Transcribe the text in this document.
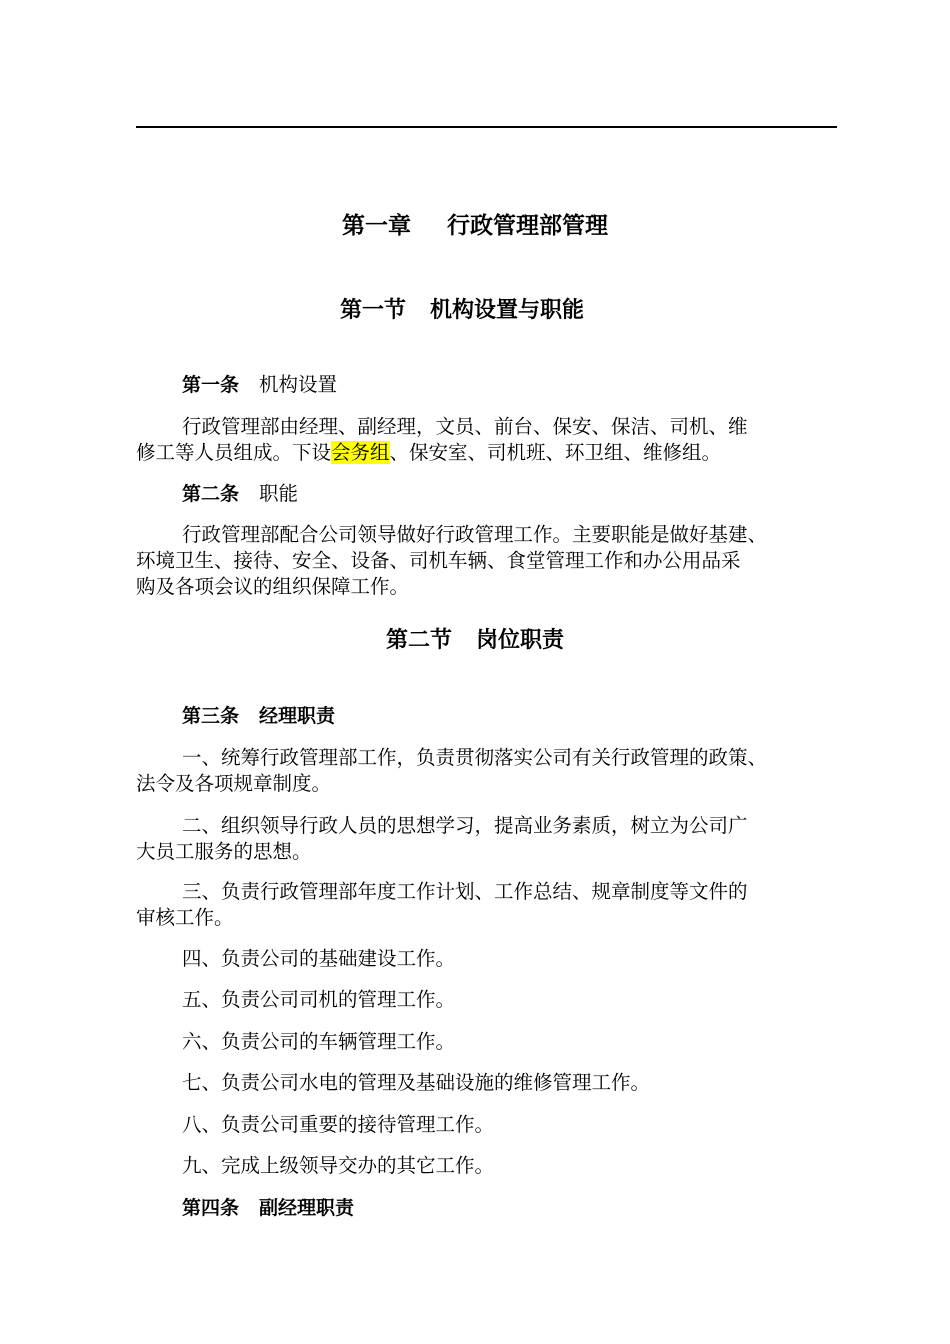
第一章 行政管理部管理
第一节 机构设置与职能
第一条 机构设置
行政管理部由经理、副经理，文员、前台、保安、保洁、司机、维
修工等人员组成。下设会务组、保安室、司机班、环卫组、维修组。
第二条 职能
行政管理部配合公司领导做好行政管理工作。主要职能是做好基建、
环境卫生、接待、安全、设备、司机车辆、食堂管理工作和办公用品采
购及各项会议的组织保障工作。
第二节 岗位职责
第三条 经理职责
一、统筹行政管理部工作，负责贯彻落实公司有关行政管理的政策、
法令及各项规章制度。
二、组织领导行政人员的思想学习，提高业务素质，树立为公司广
大员工服务的思想。
三、负责行政管理部年度工作计划、工作总结、规章制度等文件的
审核工作。
四、负责公司的基础建设工作。
五、负责公司司机的管理工作。
六、负责公司的车辆管理工作。
七、负责公司水电的管理及基础设施的维修管理工作。
八、负责公司重要的接待管理工作。
九、完成上级领导交办的其它工作。
第四条 副经理职责
